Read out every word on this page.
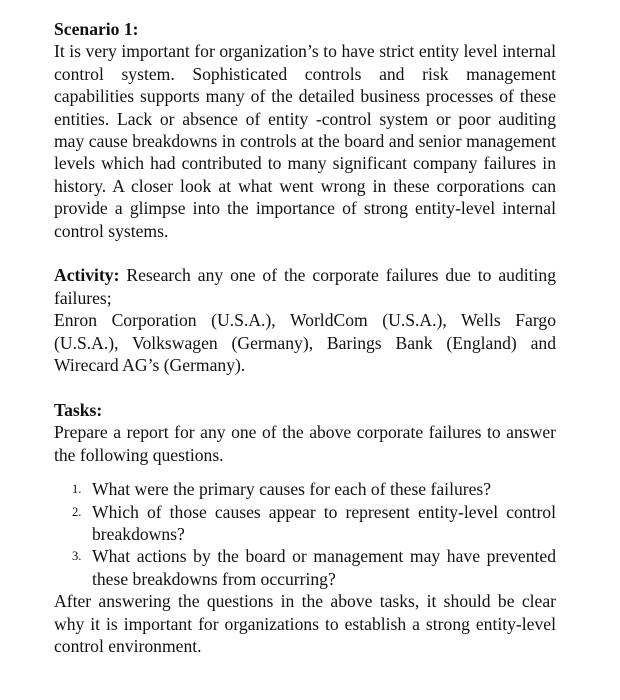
Scenario 1:

It is very important for organization’s to have strict entity level internal control system. Sophisticated controls and risk management capabilities supports many of the detailed business processes of these entities. Lack or absence of entity -control system or poor auditing may cause breakdowns in controls at the board and senior management levels which had contributed to many significant company failures in history. A closer look at what went wrong in these corporations can provide a glimpse into the importance of strong entity-level internal control systems.

Activity: Research any one of the corporate failures due to auditing failures;

Enron Corporation (U.S.A.), WorldCom (U.S.A.), Wells Fargo (U.S.A.), Volkswagen (Germany), Barings Bank (England) and Wirecard AG’s (Germany).

Tasks:

Prepare a report for any one of the above corporate failures to answer the following questions.

1. What were the primary causes for each of these failures?
2. Which of those causes appear to represent entity-level control breakdowns?
3. What actions by the board or management may have prevented these breakdowns from occurring?

After answering the questions in the above tasks, it should be clear why it is important for organizations to establish a strong entity-level control environment.
